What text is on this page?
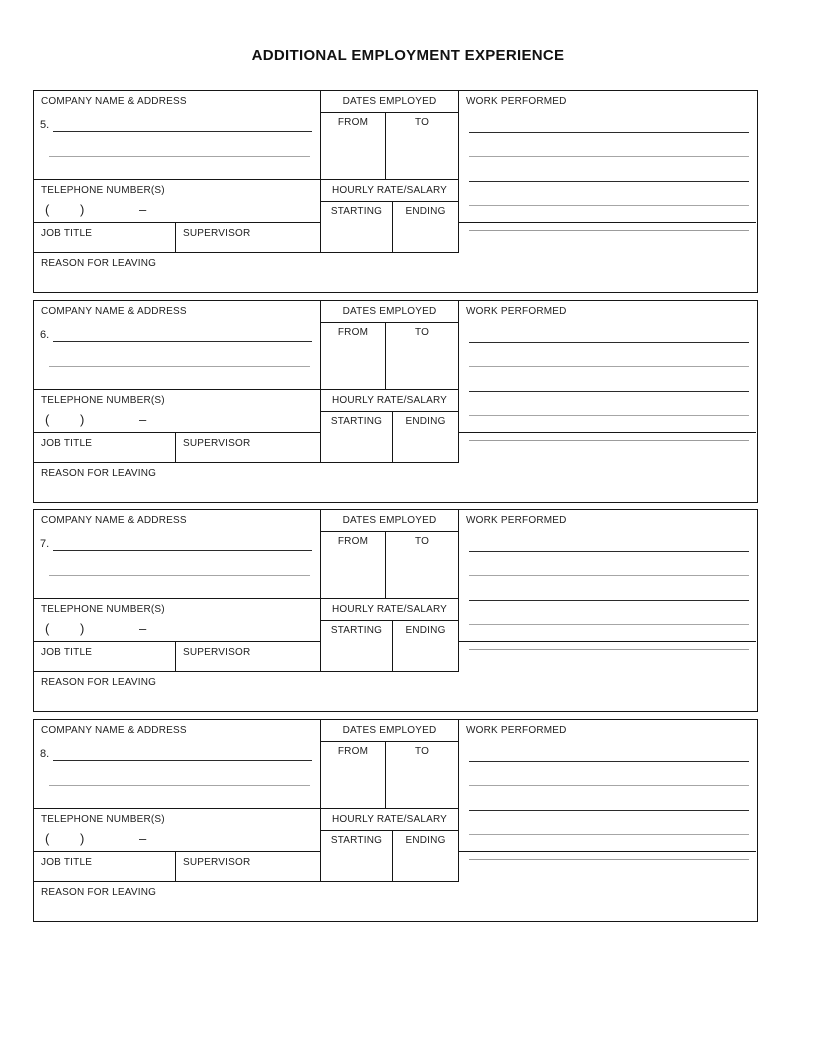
ADDITIONAL EMPLOYMENT EXPERIENCE
COMPANY NAME & ADDRESS
5.
DATES EMPLOYED
FROM	TO
WORK PERFORMED
TELEPHONE NUMBER(S)
( )	–
HOURLY RATE/SALARY
STARTING	ENDING
JOB TITLE	SUPERVISOR
REASON FOR LEAVING
COMPANY NAME & ADDRESS
6.
DATES EMPLOYED
FROM	TO
WORK PERFORMED
TELEPHONE NUMBER(S)
( )	–
HOURLY RATE/SALARY
STARTING	ENDING
JOB TITLE	SUPERVISOR
REASON FOR LEAVING
COMPANY NAME & ADDRESS
7.
DATES EMPLOYED
FROM	TO
WORK PERFORMED
TELEPHONE NUMBER(S)
( )	–
HOURLY RATE/SALARY
STARTING	ENDING
JOB TITLE	SUPERVISOR
REASON FOR LEAVING
COMPANY NAME & ADDRESS
8.
DATES EMPLOYED
FROM	TO
WORK PERFORMED
TELEPHONE NUMBER(S)
( )	–
HOURLY RATE/SALARY
STARTING	ENDING
JOB TITLE	SUPERVISOR
REASON FOR LEAVING
